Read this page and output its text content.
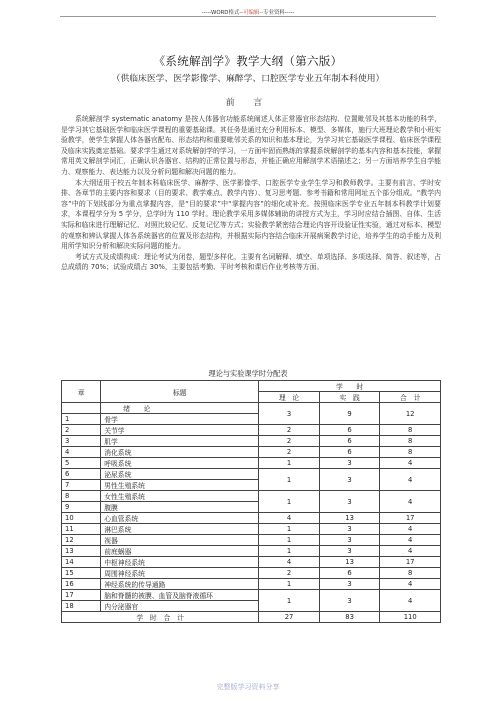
-----WORD格式--可编辑--专业资料-----
《系统解剖学》教学大纲（第六版）
（供临床医学、医学影像学、麻醉学、口腔医学专业五年制本科使用）
前 言

系统解剖学 systematic anatomy 是按人体器官功能系统阐述人体正常器官形态结构、位置毗邻及其基本功能的科学，是学习其它基础医学和临床医学课程的重要基础课。其任务是通过充分利用标本、模型、多媒体，施行大班理论教学和小班实验教学，使学生掌握人体各器官配布、形态结构和重要毗邻关系的知识和基本理论，为学习其它基础医学课程、临床医学课程及临床实践奠定基础。要求学生通过对系统解剖学的学习，一方面牢固而熟练的掌握系统解剖学的基本内容和基本技能，掌握常用英文解剖学词汇，正确认识各器官、结构的正常位置与形态，并能正确应用解剖学术语描述之；另一方面培养学生自学能力、观察能力、表达能力以及分析问题和解决问题的能力。

本大纲适用于校五年制本科临床医学、麻醉学、医学影像学、口腔医学专业学生学习和教师教学。主要有前言、学时安排、各章节的主要内容和要求（目的要求、教学难点、教学内容）、复习思考题、参考书籍和常用网址五个部分组成。“教学内容”中的下划线部分为重点掌握内容，是“目的要求”中“掌握内容”的细化或补充。按照临床医学专业五年制本科教学计划要求，本课程学分为 5 学分，总学时为 110 学时。理论教学采用多媒体辅助的讲授方式为主，学习时应结合插图、自体、生活实际和临床进行理解记忆、对照比较记忆、反复记忆等方式；实验教学紧密结合理论内容开设验证性实验，通过对标本、模型的观察和辨认掌握人体各系统器官的位置及形态结构，并根据实际内容结合临床开展病案教学讨论，培养学生的动手能力及利用所学知识分析和解决实际问题的能力。

考试方式及成绩构成：理论考试为闭卷，题型多样化，主要有名词解释、填空、单项选择、多项选择、简答、叙述等，占总成绩的 70%；试验成绩占 30%，主要包括考勤、平时考核和课后作业考核等方面。

理论与实验课学时分配表
章	标题	学　　时		
		理　论	实　践	合　计
	绪　　论	3	9	12
1	骨学			
2	关节学	2	6	8
3	肌学	2	6	8
4	消化系统	2	6	8
5	呼吸系统	1	3	4
6	泌尿系统	1	3	4
7	男性生殖系统			
8	女性生殖系统	1	3	4
9	腹膜			
10	心血管系统	4	13	17
11	淋巴系统	1	3	4
12	视器	1	3	4
13	前庭蜗器	1	3	4
14	中枢神经系统	4	13	17
15	周围神经系统	2	6	8
16	神经系统的传导通路	1	3	4
17	脑和脊髓的被膜、血管及脑脊液循环	1	3	4
18	内分泌器官			
学　时　合　计		27	83	110
完整版学习资料分享
